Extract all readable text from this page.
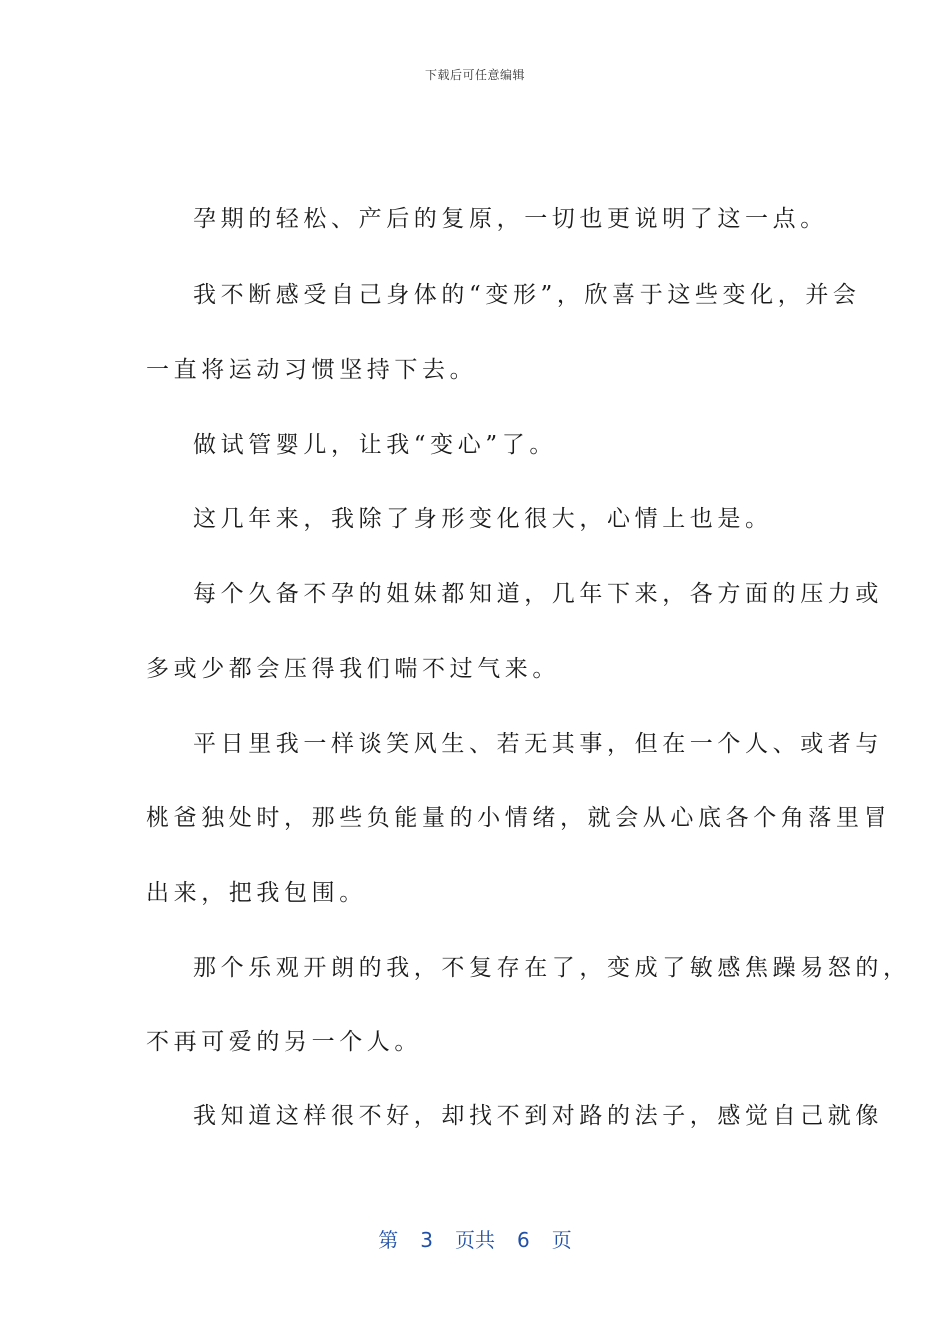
下载后可任意编辑
孕期的轻松、产后的复原，一切也更说明了这一点。
我不断感受自己身体的“变形”，欣喜于这些变化，并会
一直将运动习惯坚持下去。
做试管婴儿，让我“变心”了。
这几年来，我除了身形变化很大，心情上也是。
每个久备不孕的姐妹都知道，几年下来，各方面的压力或
多或少都会压得我们喘不过气来。
平日里我一样谈笑风生、若无其事，但在一个人、或者与
桃爸独处时，那些负能量的小情绪，就会从心底各个角落里冒
出来，把我包围。
那个乐观开朗的我，不复存在了，变成了敏感焦躁易怒的，
不再可爱的另一个人。
我知道这样很不好，却找不到对路的法子，感觉自己就像
第 3 页共 6 页
